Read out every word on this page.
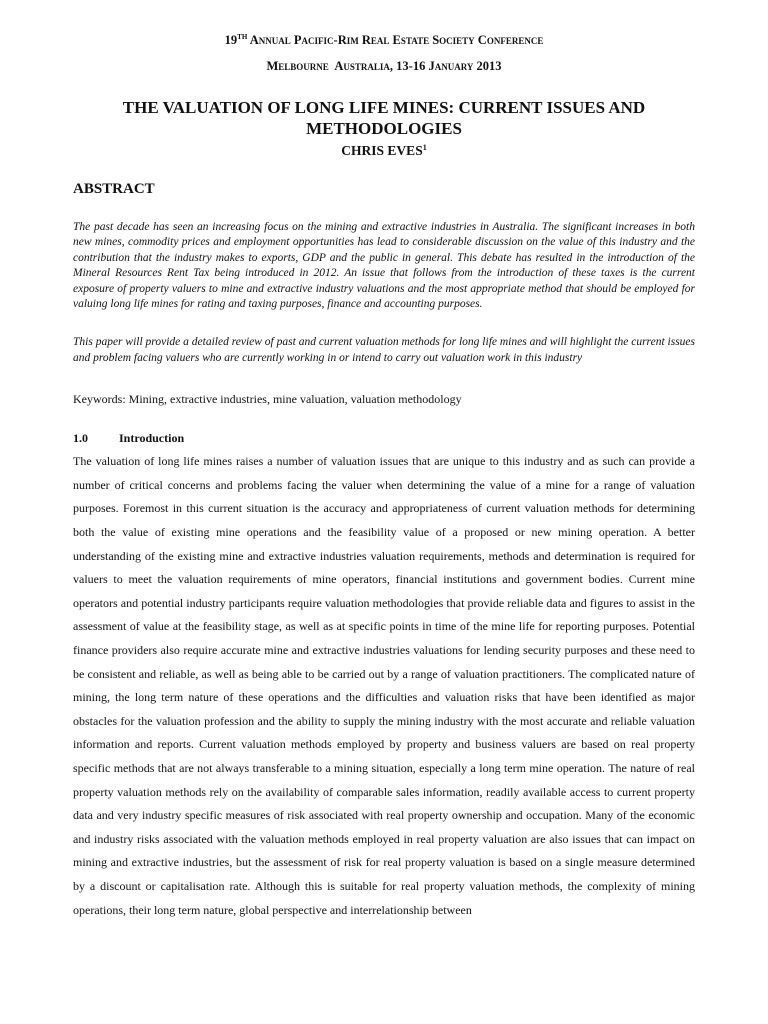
19TH Annual Pacific-Rim Real Estate Society Conference
Melbourne  Australia, 13-16 January 2013
THE VALUATION OF LONG LIFE MINES: CURRENT ISSUES AND METHODOLOGIES
CHRIS EVES$^1$
ABSTRACT

The past decade has seen an increasing focus on the mining and extractive industries in Australia. The significant increases in both new mines, commodity prices and employment opportunities has lead to considerable discussion on the value of this industry and the contribution that the industry makes to exports, GDP and the public in general. This debate has resulted in the introduction of the Mineral Resources Rent Tax being introduced in 2012. An issue that follows from the introduction of these taxes is the current exposure of property valuers to mine and extractive industry valuations and the most appropriate method that should be employed for valuing long life mines for rating and taxing purposes, finance and accounting purposes.

This paper will provide a detailed review of past and current valuation methods for long life mines and will highlight the current issues and problem facing valuers who are currently working in or intend to carry out valuation work in this industry

Keywords: Mining, extractive industries, mine valuation, valuation methodology
1.0	Introduction

The valuation of long life mines raises a number of valuation issues that are unique to this industry and as such can provide a number of critical concerns and problems facing the valuer when determining the value of a mine for a range of valuation purposes. Foremost in this current situation is the accuracy and appropriateness of current valuation methods for determining both the value of existing mine operations and the feasibility value of a proposed or new mining operation. A better understanding of the existing mine and extractive industries valuation requirements, methods and determination is required for valuers to meet the valuation requirements of mine operators, financial institutions and government bodies. Current mine operators and potential industry participants require valuation methodologies that provide reliable data and figures to assist in the assessment of value at the feasibility stage, as well as at specific points in time of the mine life for reporting purposes. Potential finance providers also require accurate mine and extractive industries valuations for lending security purposes and these need to be consistent and reliable, as well as being able to be carried out by a range of valuation practitioners. The complicated nature of mining, the long term nature of these operations and the difficulties and valuation risks that have been identified as major obstacles for the valuation profession and the ability to supply the mining industry with the most accurate and reliable valuation information and reports. Current valuation methods employed by property and business valuers are based on real property specific methods that are not always transferable to a mining situation, especially a long term mine operation. The nature of real property valuation methods rely on the availability of comparable sales information, readily available access to current property data and very industry specific measures of risk associated with real property ownership and occupation. Many of the economic and industry risks associated with the valuation methods employed in real property valuation are also issues that can impact on mining and extractive industries, but the assessment of risk for real property valuation is based on a single measure determined by a discount or capitalisation rate. Although this is suitable for real property valuation methods, the complexity of mining operations, their long term nature, global perspective and interrelationship between
